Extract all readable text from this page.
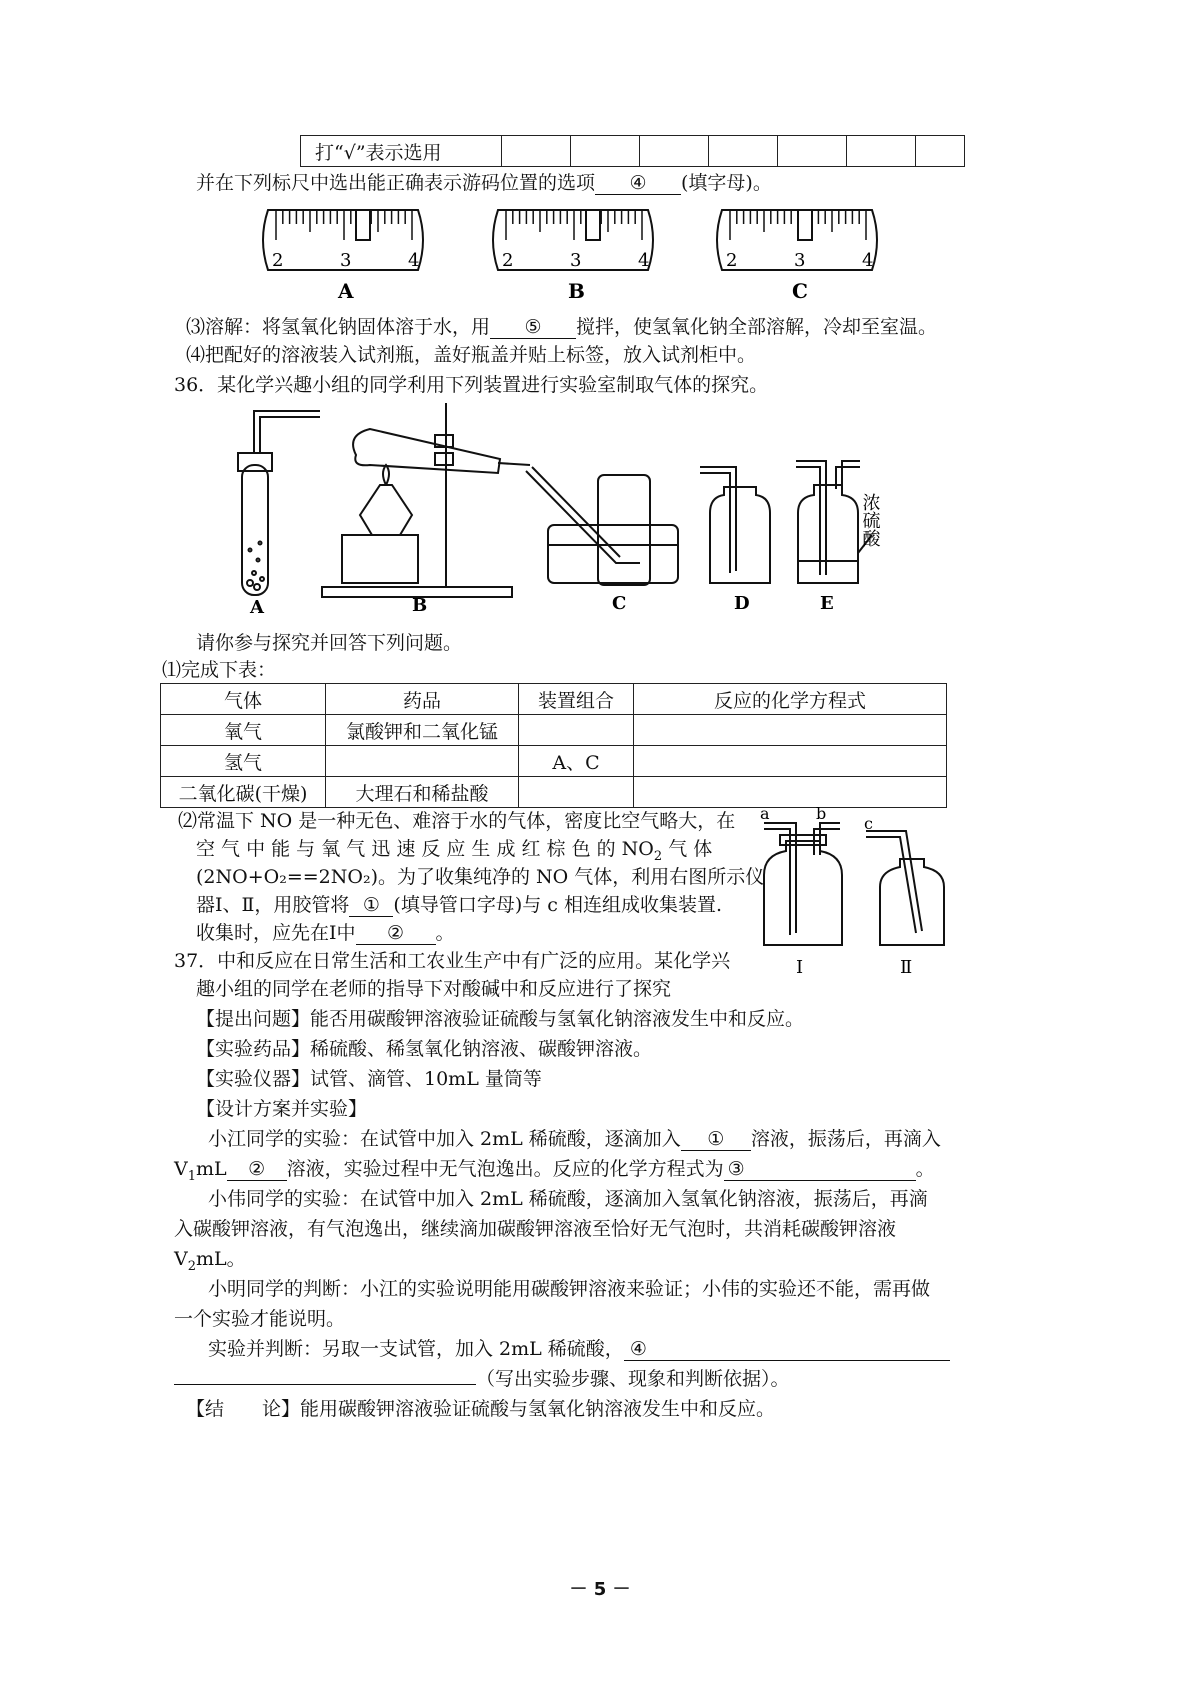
打“√”表示选用							
并在下列标尺中选出能正确表示游码位置的选项 ④ (填字母)。
2	3	4
A
2	3	4
B
2	3	4
C
⑶溶解：将氢氧化钠固体溶于水，用 ⑤ 搅拌，使氢氧化钠全部溶解，冷却至室温。
⑷把配好的溶液装入试剂瓶，盖好瓶盖并贴上标签，放入试剂柜中。
36．某化学兴趣小组的同学利用下列装置进行实验室制取气体的探究。
A	B	C	D	E
浓硫酸
请你参与探究并回答下列问题。
⑴完成下表：
气体	药品	装置组合	反应的化学方程式
氧气	氯酸钾和二氧化锰		
氢气		A、C	
二氧化碳(干燥)	大理石和稀盐酸		
⑵常温下 NO 是一种无色、难溶于水的气体，密度比空气略大，在
空 气 中 能 与 氧 气 迅 速 反 应 生 成 红 棕 色 的 $NO_2$ 气 体
(2NO+O₂==2NO₂)。为了收集纯净的 NO 气体，利用右图所示仪
器Ⅰ、Ⅱ，用胶管将 ① (填导管口字母)与 c 相连组成收集装置.
收集时，应先在Ⅰ中 ② 。
a	b
c
Ⅰ	Ⅱ
37．中和反应在日常生活和工农业生产中有广泛的应用。某化学兴
趣小组的同学在老师的指导下对酸碱中和反应进行了探究
【提出问题】能否用碳酸钾溶液验证硫酸与氢氧化钠溶液发生中和反应。
【实验药品】稀硫酸、稀氢氧化钠溶液、碳酸钾溶液。
【实验仪器】试管、滴管、10mL 量筒等
【设计方案并实验】
小江同学的实验：在试管中加入 2mL 稀硫酸，逐滴加入 ① 溶液，振荡后，再滴入
$V_1mL$ ② 溶液，实验过程中无气泡逸出。反应的化学方程式为 ③	。
小伟同学的实验：在试管中加入 2mL 稀硫酸，逐滴加入氢氧化钠溶液，振荡后，再滴
入碳酸钾溶液，有气泡逸出，继续滴加碳酸钾溶液至恰好无气泡时，共消耗碳酸钾溶液
$V_2mL$。
小明同学的判断：小江的实验说明能用碳酸钾溶液来验证；小伟的实验还不能，需再做
一个实验才能说明。
实验并判断：另取一支试管，加入 2mL 稀硫酸， ④
（写出实验步骤、现象和判断依据）。
【结　　论】能用碳酸钾溶液验证硫酸与氢氧化钠溶液发生中和反应。
－ 5 －
